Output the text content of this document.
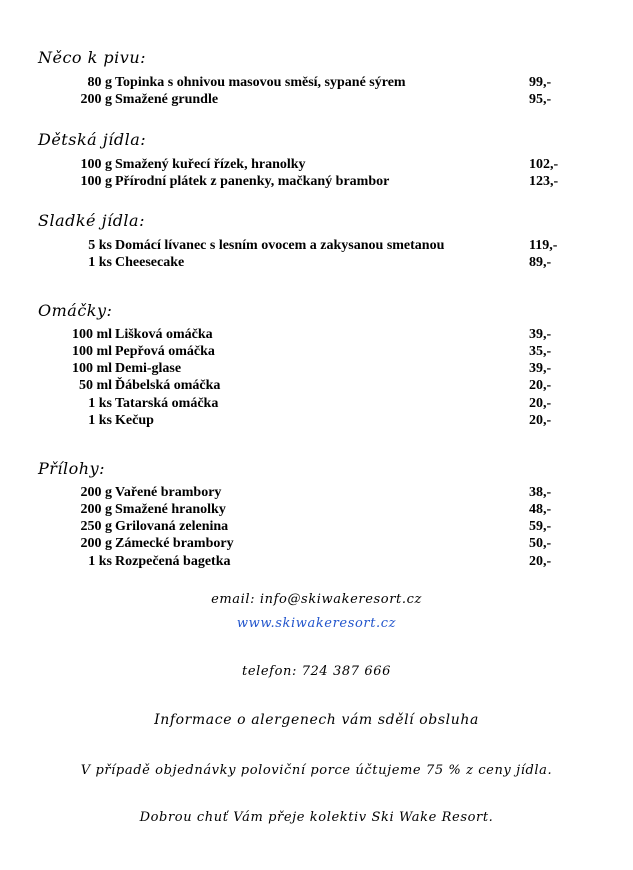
Něco k pivu:
80 g Topinka s ohnivou masovou směsí, sypané sýrem	99,-
200 g Smažené grundle	95,-
Dětská jídla:
100 g Smažený kuřecí řízek, hranolky	102,-
100 g Přírodní plátek z panenky, mačkaný brambor	123,-
Sladké jídla:
5 ks Domácí lívanec s lesním ovocem a zakysanou smetanou	119,-
1 ks Cheesecake	89,-
Omáčky:
100 ml Lišková omáčka	39,-
100 ml Pepřová omáčka	35,-
100 ml Demi-glase	39,-
50 ml Ďábelská omáčka	20,-
1 ks Tatarská omáčka	20,-
1 ks Kečup	20,-
Přílohy:
200 g Vařené brambory	38,-
200 g Smažené hranolky	48,-
250 g Grilovaná zelenina	59,-
200 g Zámecké brambory	50,-
1 ks Rozpečená bagetka	20,-
email: info@skiwakeresort.cz
www.skiwakeresort.cz
telefon: 724 387 666
Informace o alergenech vám sdělí obsluha
V případě objednávky poloviční porce účtujeme 75 % z ceny jídla.
Dobrou chuť Vám přeje kolektiv Ski Wake Resort.
